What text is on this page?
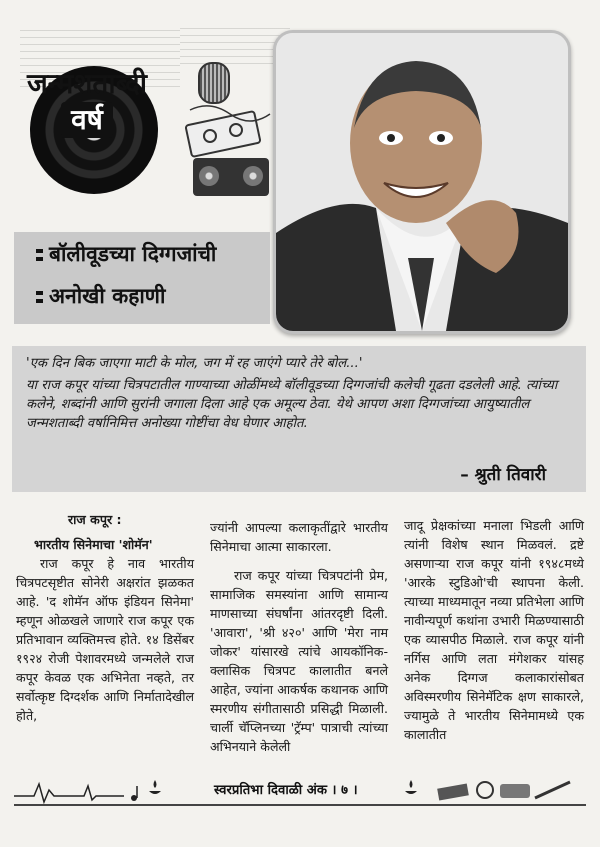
जन्मशताब्दी
वर्ष
बॉलीवूडच्या दिग्गजांची
अनोखी कहाणी

'एक दिन बिक जाएगा माटी के मोल, जग में रह जाएंगे प्यारे तेरे बोल...'

या राज कपूर यांच्या चित्रपटातील गाण्याच्या ओळींमध्ये बॉलीवूडच्या दिग्गजांची कलेची गूढता दडलेली आहे. त्यांच्या कलेने, शब्दांनी आणि सुरांनी जगाला दिला आहे एक अमूल्य ठेवा. येथे आपण अशा दिग्गजांच्या आयुष्यातील जन्मशताब्दी वर्षानिमित्त अनोख्या गोष्टींचा वेध घेणार आहोत.

– श्रुती तिवारी

राज कपूर :

भारतीय सिनेमाचा 'शोमॅन'

राज कपूर हे नाव भारतीय चित्रपटसृष्टीत सोनेरी अक्षरांत झळकत आहे. 'द शोमॅन ऑफ इंडियन सिनेमा' म्हणून ओळखले जाणारे राज कपूर एक प्रतिभावान व्यक्तिमत्त्व होते. १४ डिसेंबर १९२४ रोजी पेशावरमध्ये जन्मलेले राज कपूर केवळ एक अभिनेता नव्हते, तर सर्वोत्कृष्ट दिग्दर्शक आणि निर्मातादेखील होते,

ज्यांनी आपल्या कलाकृतींद्वारे भारतीय सिनेमाचा आत्मा साकारला.

राज कपूर यांच्या चित्रपटांनी प्रेम, सामाजिक समस्यांना आणि सामान्य माणसाच्या संघर्षांना आंतरदृष्टी दिली. 'आवारा', 'श्री ४२०' आणि 'मेरा नाम जोकर' यांसारखे त्यांचे आयकॉनिक-क्लासिक चित्रपट कालातीत बनले आहेत, ज्यांना आकर्षक कथानक आणि स्मरणीय संगीतासाठी प्रसिद्धी मिळाली. चार्ली चॅप्लिनच्या 'ट्रॅम्प' पात्राची त्यांच्या अभिनयाने केलेली

जादू प्रेक्षकांच्या मनाला भिडली आणि त्यांनी विशेष स्थान मिळवलं. द्रष्टे असणाऱ्या राज कपूर यांनी १९४८मध्ये 'आरके स्टुडिओ'ची स्थापना केली. त्याच्या माध्यमातून नव्या प्रतिभेला आणि नावीन्यपूर्ण कथांना उभारी मिळण्यासाठी एक व्यासपीठ मिळाले. राज कपूर यांनी नर्गिस आणि लता मंगेशकर यांसह अनेक दिग्गज कलाकारांसोबत अविस्मरणीय सिनेमॅटिक क्षण साकारले, ज्यामुळे ते भारतीय सिनेमामध्ये एक कालातीत

स्वरप्रतिभा दिवाळी अंक । ७ ।
